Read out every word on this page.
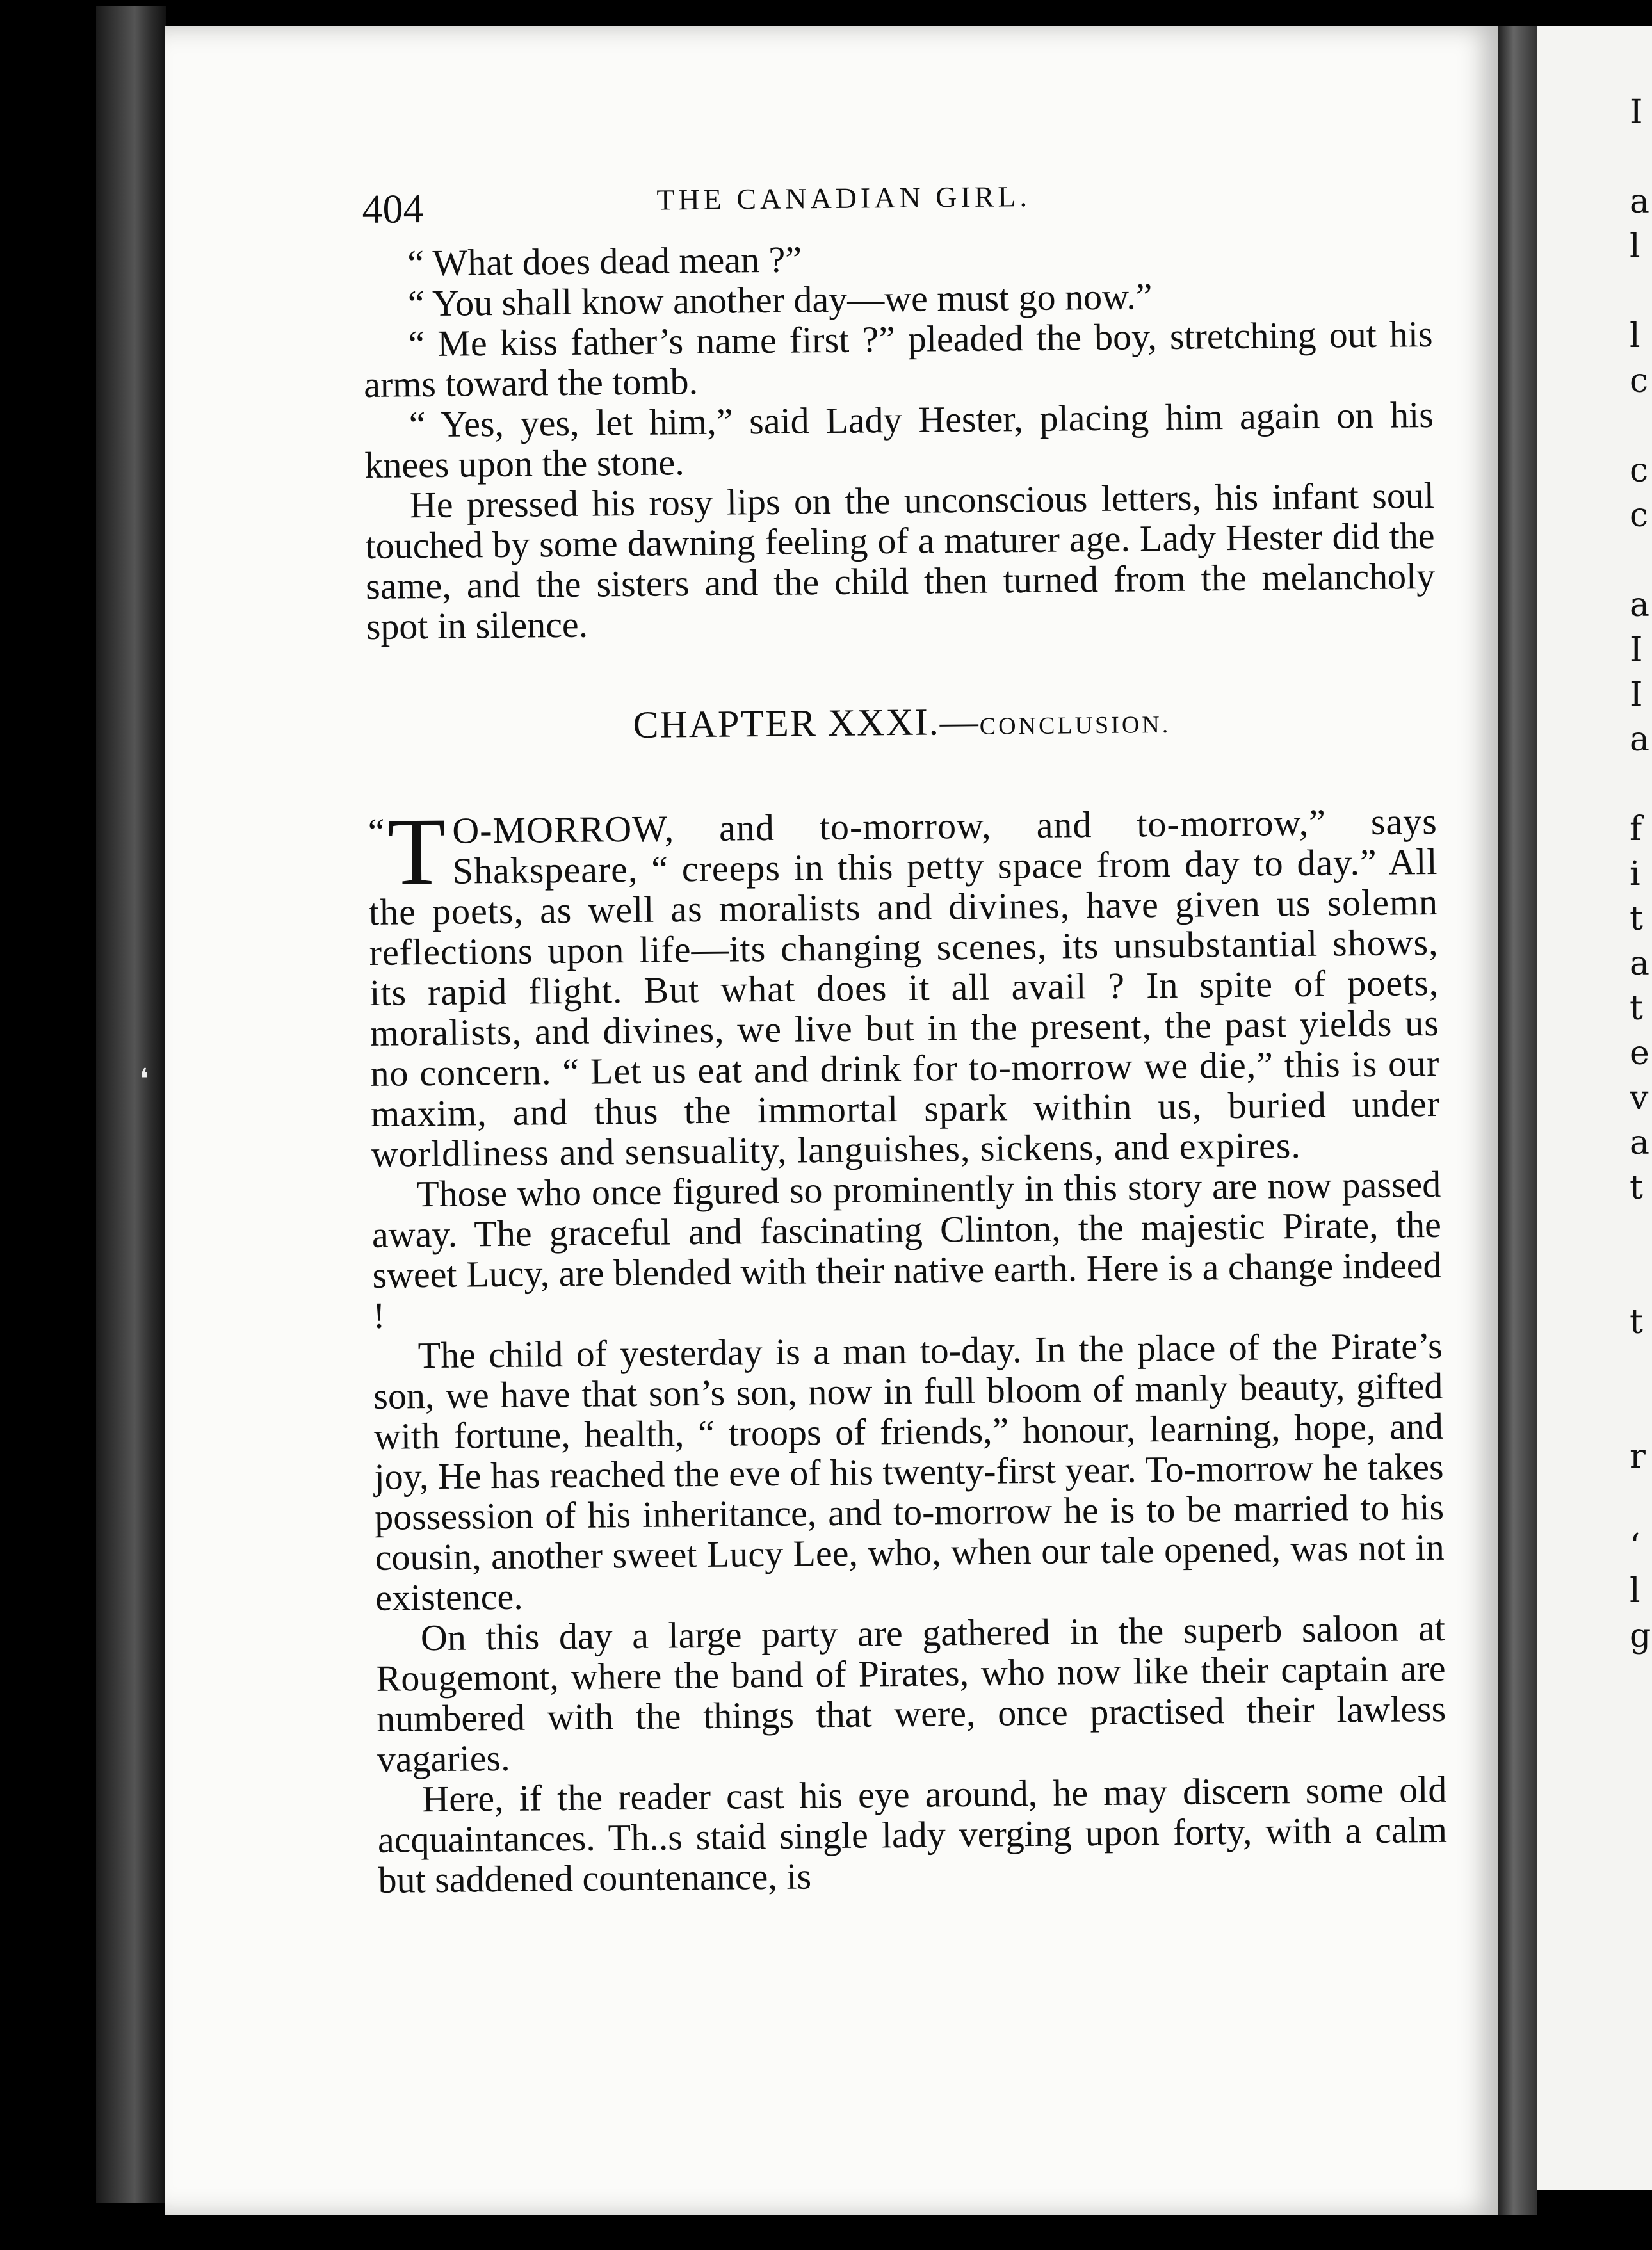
I
a
l
l
c
c
c
a
I
I
a
f
i
t
a
t
e
v
a
t
t
r
‘
l
g
❛
404	THE CANADIAN GIRL.

“ What does dead mean ?”

“ You shall know another day—we must go now.”

“ Me kiss father’s name first ?” pleaded the boy, stretching out his arms toward the tomb.

“ Yes, yes, let him,” said Lady Hester, placing him again on his knees upon the stone.

He pressed his rosy lips on the unconscious letters, his infant soul touched by some dawning feeling of a maturer age. Lady Hester did the same, and the sisters and the child then turned from the melancholy spot in silence.

CHAPTER XXXI.—CONCLUSION.

“ T O-MORROW, and to-morrow, and to-morrow,” says Shakspeare, “ creeps in this petty space from day to day.” All the poets, as well as moralists and divines, have given us solemn reflections upon life—its changing scenes, its unsubstantial shows, its rapid flight. But what does it all avail ? In spite of poets, moralists, and divines, we live but in the present, the past yields us no concern. “ Let us eat and drink for to-morrow we die,” this is our maxim, and thus the immortal spark within us, buried under worldliness and sensuality, languishes, sickens, and expires.

Those who once figured so prominently in this story are now passed away. The graceful and fascinating Clinton, the majestic Pirate, the sweet Lucy, are blended with their native earth. Here is a change indeed !

The child of yesterday is a man to-day. In the place of the Pirate’s son, we have that son’s son, now in full bloom of manly beauty, gifted with fortune, health, “ troops of friends,” honour, learning, hope, and joy, He has reached the eve of his twenty-first year. To-morrow he takes possession of his inheritance, and to-morrow he is to be married to his cousin, another sweet Lucy Lee, who, when our tale opened, was not in existence.

On this day a large party are gathered in the superb saloon at Rougemont, where the band of Pirates, who now like their captain are numbered with the things that were, once practised their lawless vagaries.

Here, if the reader cast his eye around, he may discern some old acquaintances. Th..s staid single lady verging upon forty, with a calm but saddened countenance, is
